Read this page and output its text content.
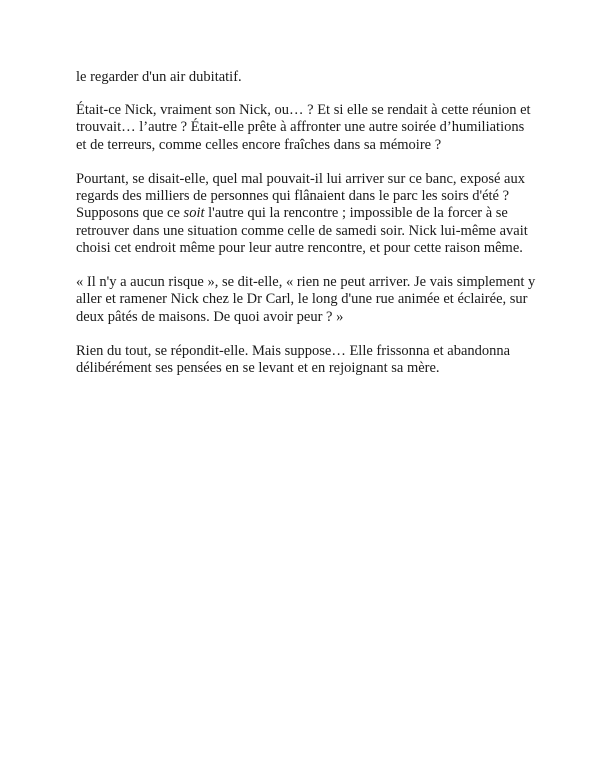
le regarder d'un air dubitatif.

Était-ce Nick, vraiment son Nick, ou… ? Et si elle se rendait à cette réunion et trouvait… l’autre ? Était-elle prête à affronter une autre soirée d’humiliations et de terreurs, comme celles encore fraîches dans sa mémoire ?

Pourtant, se disait-elle, quel mal pouvait-il lui arriver sur ce banc, exposé aux regards des milliers de personnes qui flânaient dans le parc les soirs d'été ? Supposons que ce soit l'autre qui la rencontre ; impossible de la forcer à se retrouver dans une situation comme celle de samedi soir. Nick lui-même avait choisi cet endroit même pour leur autre rencontre, et pour cette raison même.

« Il n'y a aucun risque », se dit-elle, « rien ne peut arriver. Je vais simplement y aller et ramener Nick chez le Dr Carl, le long d'une rue animée et éclairée, sur deux pâtés de maisons. De quoi avoir peur ? »

Rien du tout, se répondit-elle. Mais suppose… Elle frissonna et abandonna délibérément ses pensées en se levant et en rejoignant sa mère.
